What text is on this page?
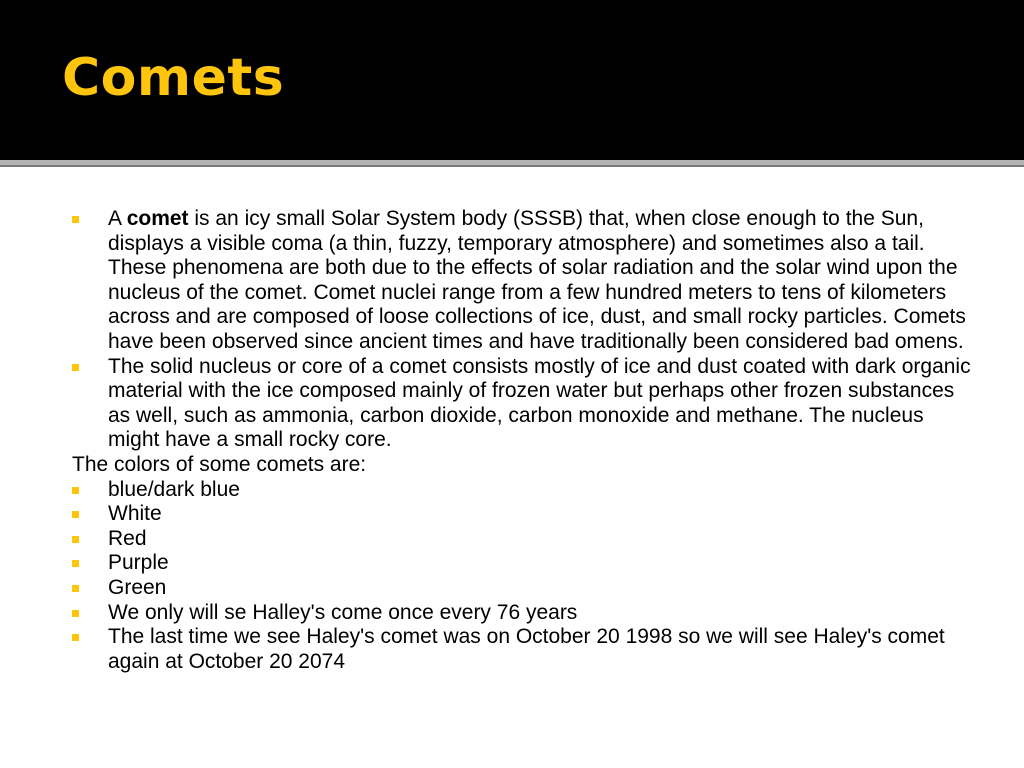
Comets
A comet is an icy small Solar System body (SSSB) that, when close enough to the Sun, displays a visible coma (a thin, fuzzy, temporary atmosphere) and sometimes also a tail. These phenomena are both due to the effects of solar radiation and the solar wind upon the nucleus of the comet. Comet nuclei range from a few hundred meters to tens of kilometers across and are composed of loose collections of ice, dust, and small rocky particles. Comets have been observed since ancient times and have traditionally been considered bad omens.
The solid nucleus or core of a comet consists mostly of ice and dust coated with dark organic material with the ice composed mainly of frozen water but perhaps other frozen substances as well, such as ammonia, carbon dioxide, carbon monoxide and methane. The nucleus might have a small rocky core.
The colors of some comets are:
blue/dark blue
White
Red
Purple
Green
We only will se Halley's come once every 76 years
The last time we see Haley's comet was on October 20 1998 so we will see Haley's comet again at October 20 2074
